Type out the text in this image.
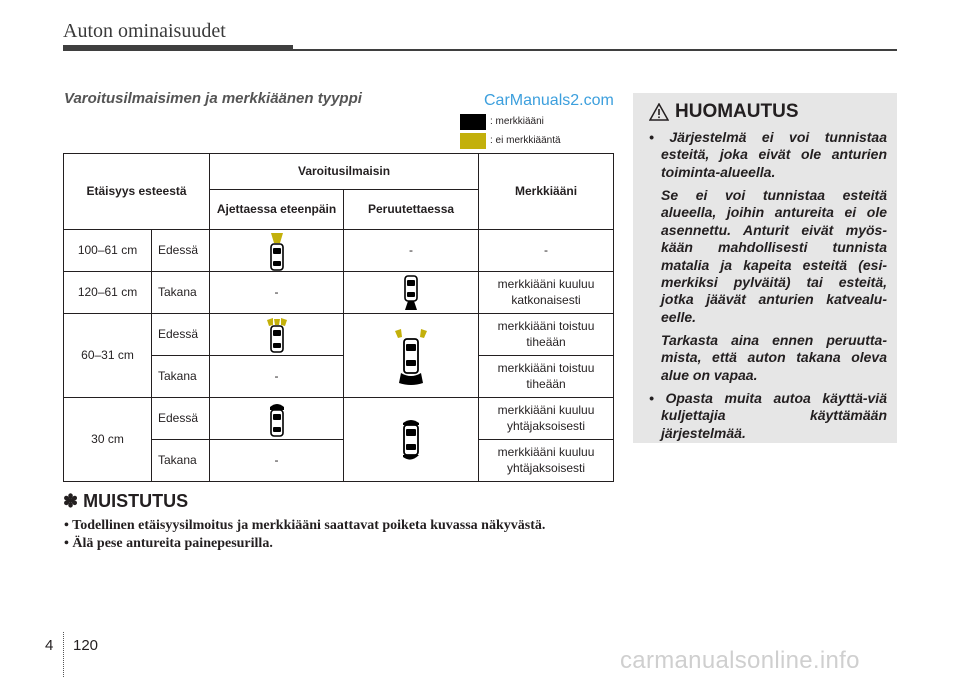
Auton ominaisuudet
Varoitusilmaisimen ja merkkiäänen tyyppi	CarManuals2.com
: merkkiääni
: ei merkkiääntä
Etäisyys esteestä		Varoitusilmaisin		Merkkiääni
		Ajettaessa eteenpäin	Peruutettaessa	
100–61 cm	Edessä		-	-
120–61 cm	Takana	-		merkkiääni kuuluu katkonaisesti
60–31 cm	Edessä			merkkiääni toistuu tiheään
	Takana	-		merkkiääni toistuu tiheään
30 cm	Edessä			merkkiääni kuuluu yhtäjaksoisesti
	Takana	-		merkkiääni kuuluu yhtäjaksoisesti
HUOMAUTUS

• Järjestelmä ei voi tunnistaa esteitä, joka eivät ole anturien toiminta-alueella.

Se ei voi tunnistaa esteitä alueella, joihin antureita ei ole asennettu. Anturit eivät myös-kään mahdollisesti tunnista matalia ja kapeita esteitä (esi-merkiksi pylväitä) tai esteitä, jotka jäävät anturien katvealu-eelle.

Tarkasta aina ennen peruutta-mista, että auton takana oleva alue on vapaa.

• Opasta muita autoa käyttä-viä kuljettajia käyttämään järjestelmää.

✽ MUISTUTUS
• Todellinen etäisyysilmoitus ja merkkiääni saattavat poiketa kuvassa näkyvästä.
• Älä pese antureita painepesurilla.
4 120
carmanualsonline.info
